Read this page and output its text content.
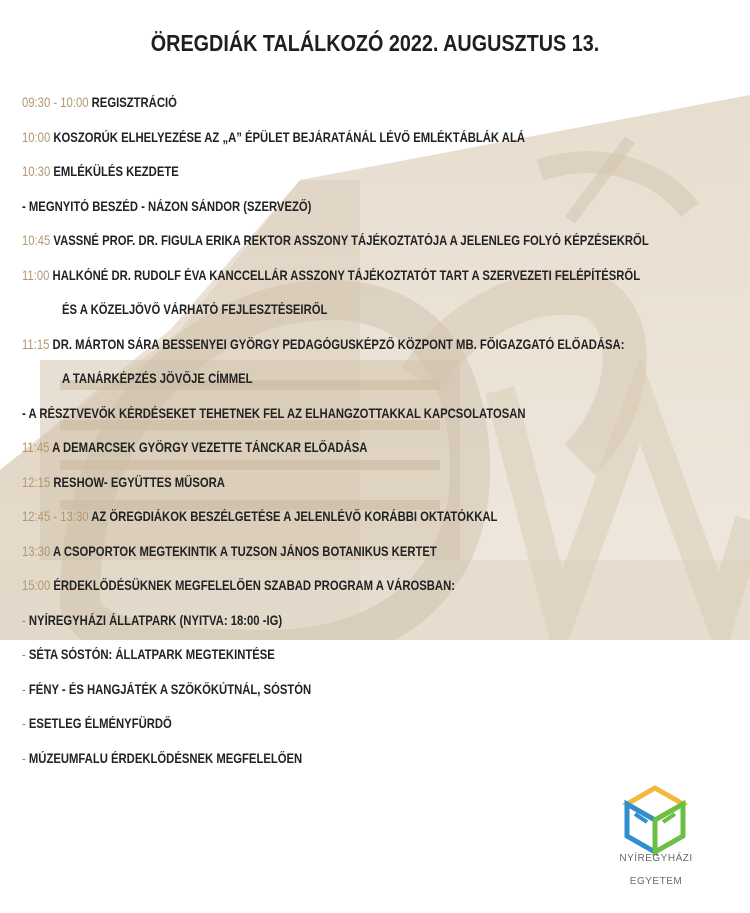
ÖREGDIÁK TALÁLKOZÓ 2022. AUGUSZTUS 13.
09:30 - 10:00 REGISZTRÁCIÓ
10:00 KOSZORÚK ELHELYEZÉSE AZ „A” ÉPÜLET BEJÁRATÁNÁL LÉVŐ EMLÉKTÁBLÁK ALÁ
10:30 EMLÉKÜLÉS KEZDETE
- MEGNYITÓ BESZÉD - NÁZON SÁNDOR (SZERVEZŐ)
10:45 VASSNÉ PROF. DR. FIGULA ERIKA REKTOR ASSZONY TÁJÉKOZTATÓJA A JELENLEG FOLYÓ KÉPZÉSEKRŐL
11:00 HALKÓNÉ DR. RUDOLF ÉVA KANCCELLÁR ASSZONY TÁJÉKOZTATÓT TART A SZERVEZETI FELÉPÍTÉSRŐL
ÉS A KÖZELJÖVŐ VÁRHATÓ FEJLESZTÉSEIRŐL
11:15 DR. MÁRTON SÁRA BESSENYEI GYÖRGY PEDAGÓGUSKÉPZŐ KÖZPONT MB. FŐIGAZGATÓ ELŐADÁSA:
A TANÁRKÉPZÉS JÖVŐJE CÍMMEL
- A RÉSZTVEVŐK KÉRDÉSEKET TEHETNEK FEL AZ ELHANGZOTTAKKAL KAPCSOLATOSAN
11:45 A DEMARCSEK GYÖRGY VEZETTE TÁNCKAR ELŐADÁSA
12:15 RESHOW- EGYÜTTES MŰSORA
12:45 - 13:30 AZ ÖREGDIÁKOK BESZÉLGETÉSE A JELENLÉVŐ KORÁBBI OKTATÓKKAL
13:30 A CSOPORTOK MEGTEKINTIK A TUZSON JÁNOS BOTANIKUS KERTET
15:00 ÉRDEKLŐDÉSÜKNEK MEGFELELŐEN SZABAD PROGRAM A VÁROSBAN:
- NYÍREGYHÁZI ÁLLATPARK (NYITVA: 18:00 -IG)
- SÉTA SÓSTÓN: ÁLLATPARK MEGTEKINTÉSE
- FÉNY - ÉS HANGJÁTÉK A SZÖKŐKÚTNÁL, SÓSTÓN
- ESETLEG ÉLMÉNYFÜRDŐ
- MÚZEUMFALU ÉRDEKLŐDÉSNEK MEGFELELŐEN
NYÍREGYHÁZI
EGYETEM
